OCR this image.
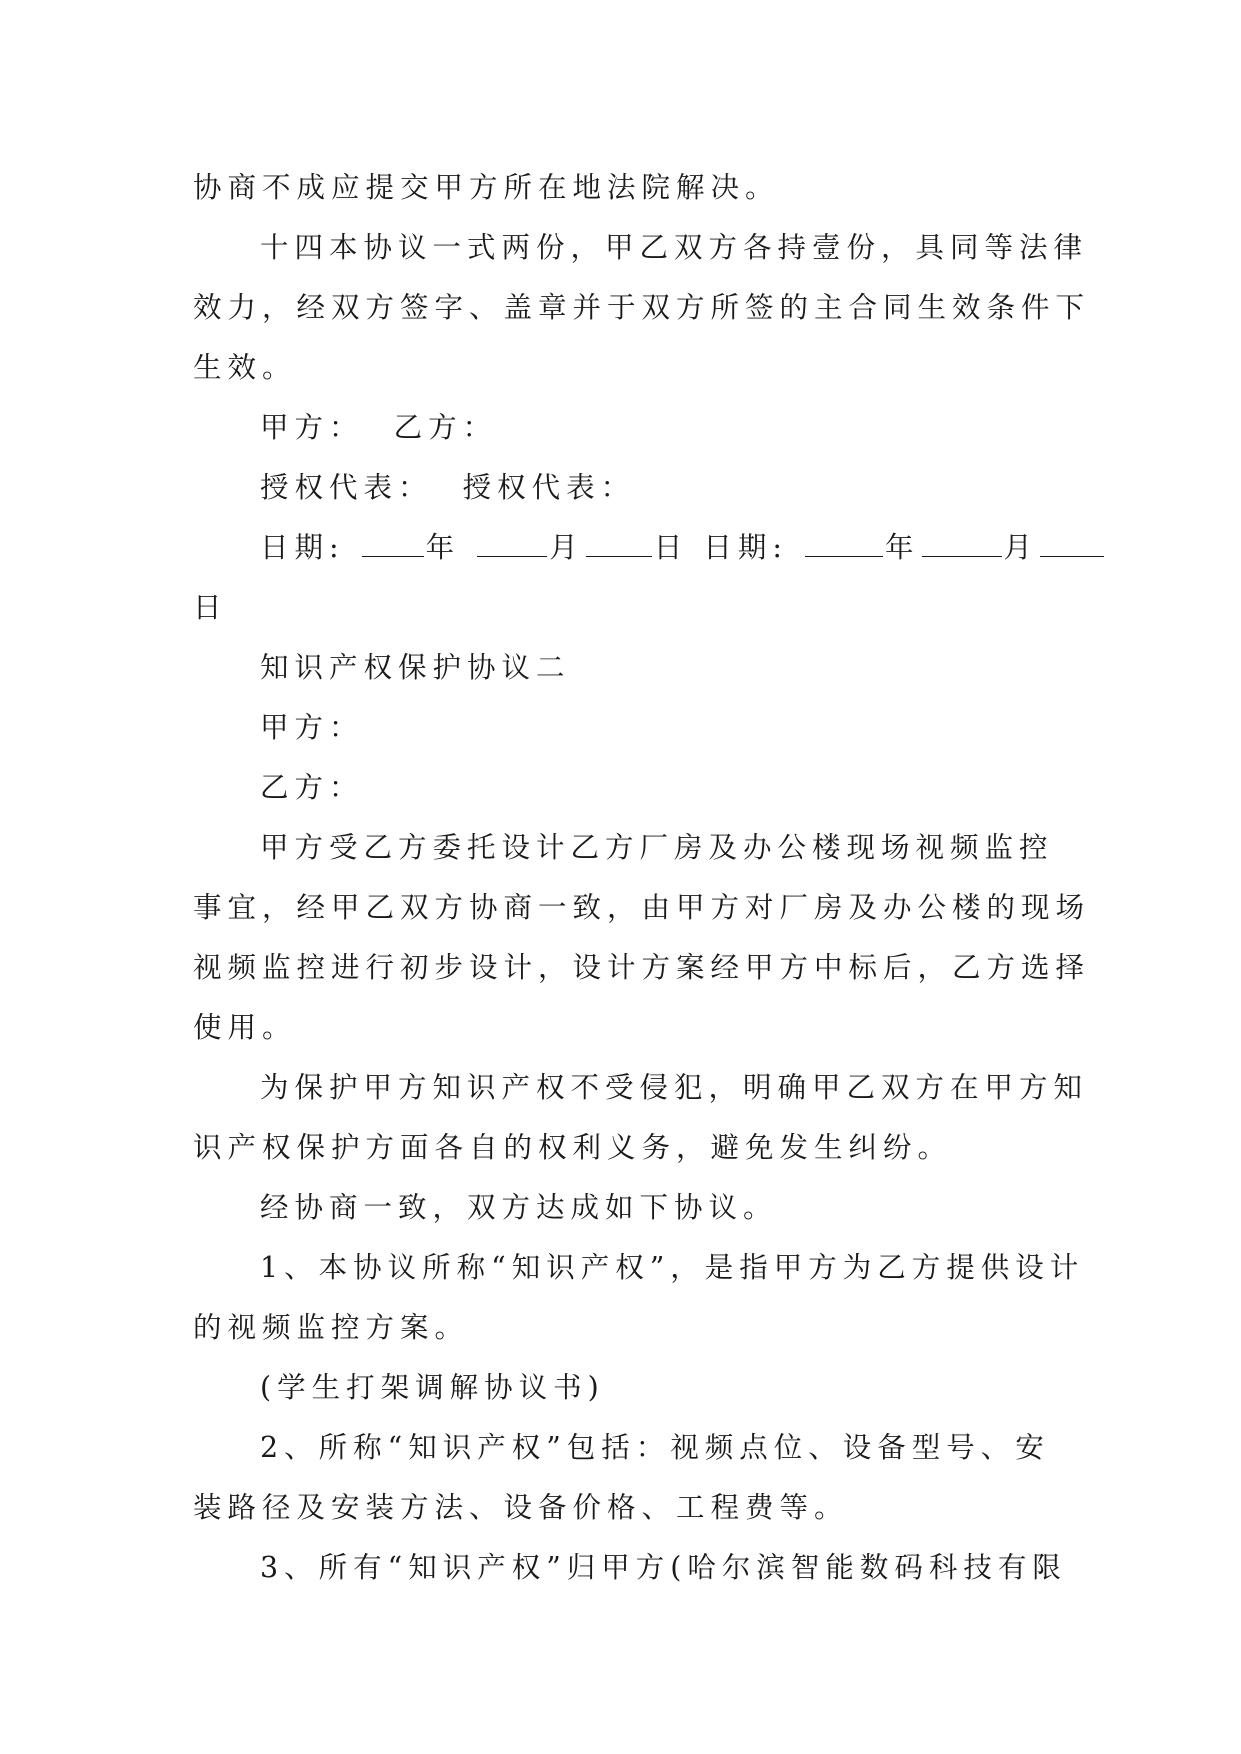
协商不成应提交甲方所在地法院解决。
十四本协议一式两份，甲乙双方各持壹份，具同等法律
效力，经双方签字、盖章并于双方所签的主合同生效条件下
生效。
甲方：  乙方：
授权代表：  授权代表：
日期:	年	月 日 日期:	年	月
日
知识产权保护协议二
甲方：
乙方：
甲方受乙方委托设计乙方厂房及办公楼现场视频监控
事宜，经甲乙双方协商一致，由甲方对厂房及办公楼的现场
视频监控进行初步设计，设计方案经甲方中标后，乙方选择
使用。
为保护甲方知识产权不受侵犯，明确甲乙双方在甲方知
识产权保护方面各自的权利义务，避免发生纠纷。
经协商一致，双方达成如下协议。
1、本协议所称“知识产权”，是指甲方为乙方提供设计
的视频监控方案。
(学生打架调解协议书)
2、所称“知识产权”包括：视频点位、设备型号、安
装路径及安装方法、设备价格、工程费等。
3、所有“知识产权”归甲方(哈尔滨智能数码科技有限
